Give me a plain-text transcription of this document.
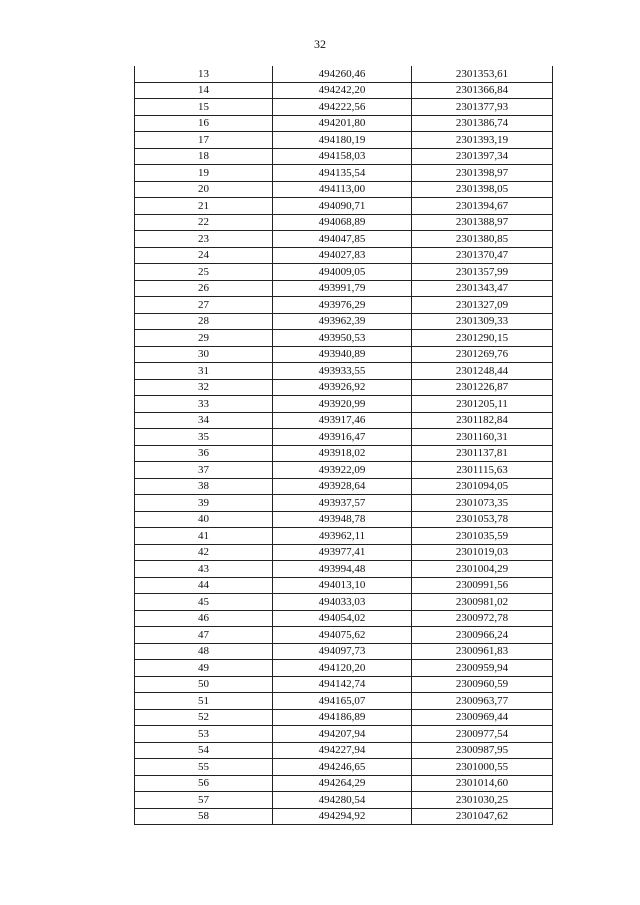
32
13	494260,46	2301353,61
14	494242,20	2301366,84
15	494222,56	2301377,93
16	494201,80	2301386,74
17	494180,19	2301393,19
18	494158,03	2301397,34
19	494135,54	2301398,97
20	494113,00	2301398,05
21	494090,71	2301394,67
22	494068,89	2301388,97
23	494047,85	2301380,85
24	494027,83	2301370,47
25	494009,05	2301357,99
26	493991,79	2301343,47
27	493976,29	2301327,09
28	493962,39	2301309,33
29	493950,53	2301290,15
30	493940,89	2301269,76
31	493933,55	2301248,44
32	493926,92	2301226,87
33	493920,99	2301205,11
34	493917,46	2301182,84
35	493916,47	2301160,31
36	493918,02	2301137,81
37	493922,09	2301115,63
38	493928,64	2301094,05
39	493937,57	2301073,35
40	493948,78	2301053,78
41	493962,11	2301035,59
42	493977,41	2301019,03
43	493994,48	2301004,29
44	494013,10	2300991,56
45	494033,03	2300981,02
46	494054,02	2300972,78
47	494075,62	2300966,24
48	494097,73	2300961,83
49	494120,20	2300959,94
50	494142,74	2300960,59
51	494165,07	2300963,77
52	494186,89	2300969,44
53	494207,94	2300977,54
54	494227,94	2300987,95
55	494246,65	2301000,55
56	494264,29	2301014,60
57	494280,54	2301030,25
58	494294,92	2301047,62
